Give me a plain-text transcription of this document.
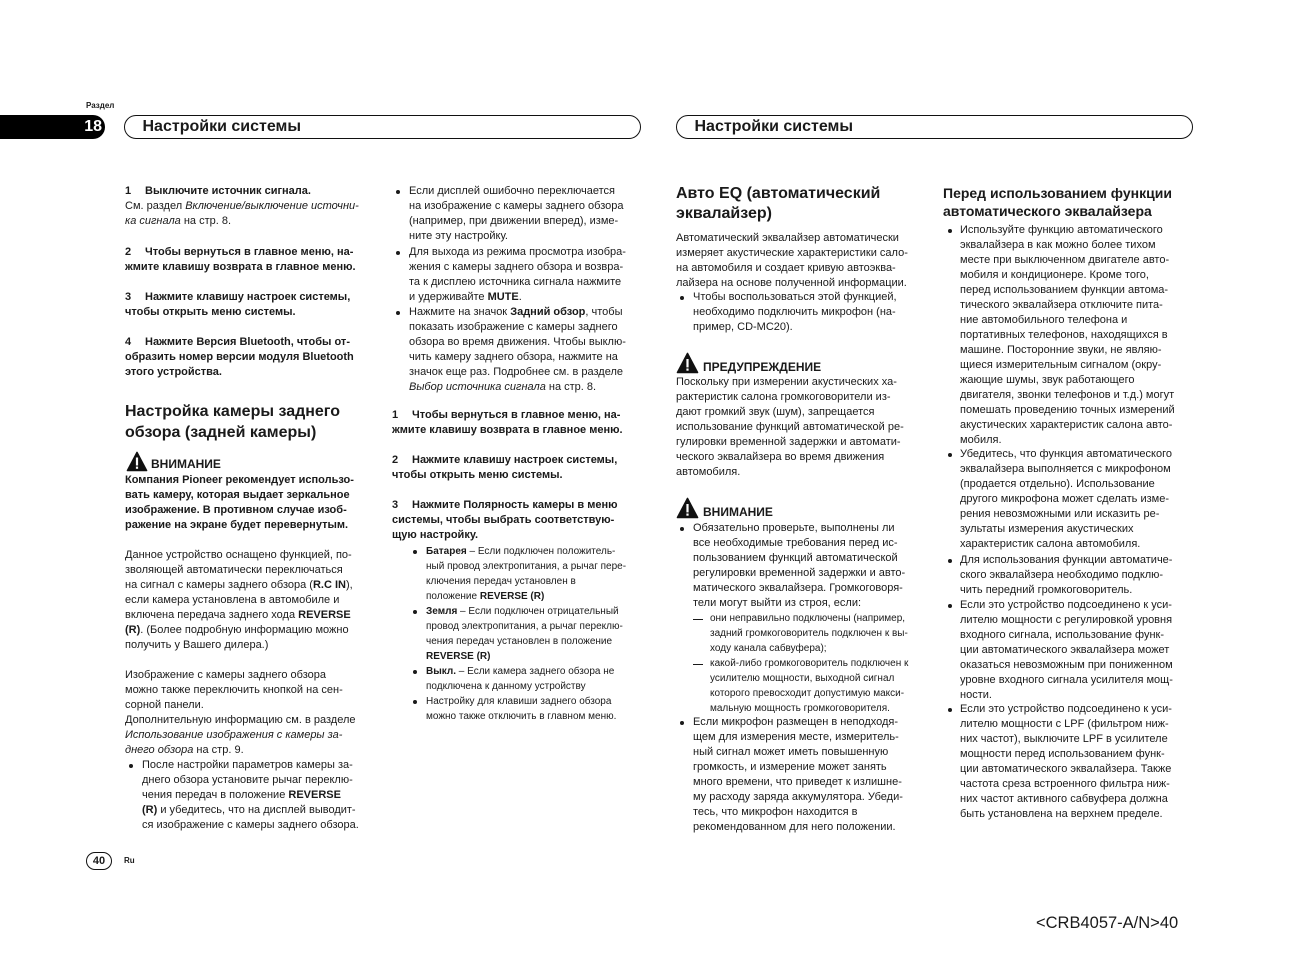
Раздел
18	Настройки системы	Настройки системы
1 Выключите источник сигнала.
См. раздел Включение/выключение источни-
ка сигнала на стр. 8.
2 Чтобы вернуться в главное меню, на-
жмите клавишу возврата в главное меню.
3 Нажмите клавишу настроек системы,
чтобы открыть меню системы.
4 Нажмите Версия Bluetooth, чтобы от-
образить номер версии модуля Bluetooth
этого устройства.
Настройка камеры заднего
обзора (задней камеры)
ВНИМАНИЕ
Компания Pioneer рекомендует использо-
вать камеру, которая выдает зеркальное
изображение. В противном случае изоб-
ражение на экране будет перевернутым.
Данное устройство оснащено функцией, по-
зволяющей автоматически переключаться
на сигнал с камеры заднего обзора (R.C IN),
если камера установлена в автомобиле и
включена передача заднего хода REVERSE
(R). (Более подробную информацию можно
получить у Вашего дилера.)
Изображение с камеры заднего обзора
можно также переключить кнопкой на сен-
сорной панели.
Дополнительную информацию см. в разделе
Использование изображения с камеры за-
днего обзора на стр. 9.
После настройки параметров камеры за-
днего обзора установите рычаг переклю-
чения передач в положение REVERSE
(R) и убедитесь, что на дисплей выводит-
ся изображение с камеры заднего обзора.
Если дисплей ошибочно переключается
на изображение с камеры заднего обзора
(например, при движении вперед), изме-
ните эту настройку.
Для выхода из режима просмотра изобра-
жения с камеры заднего обзора и возвра-
та к дисплею источника сигнала нажмите
и удерживайте MUTE.
Нажмите на значок Задний обзор, чтобы
показать изображение с камеры заднего
обзора во время движения. Чтобы выклю-
чить камеру заднего обзора, нажмите на
значок еще раз. Подробнее см. в разделе
Выбор источника сигнала на стр. 8.
1 Чтобы вернуться в главное меню, на-
жмите клавишу возврата в главное меню.
2 Нажмите клавишу настроек системы,
чтобы открыть меню системы.
3 Нажмите Полярность камеры в меню
системы, чтобы выбрать соответствую-
щую настройку.
Батарея – Если подключен положитель-
ный провод электропитания, а рычаг пере-
ключения передач установлен в
положение REVERSE (R)
Земля – Если подключен отрицательный
провод электропитания, а рычаг переклю-
чения передач установлен в положение
REVERSE (R)
Выкл. – Если камера заднего обзора не
подключена к данному устройству
Настройку для клавиши заднего обзора
можно также отключить в главном меню.
Авто EQ (автоматический
эквалайзер)
Автоматический эквалайзер автоматически
измеряет акустические характеристики сало-
на автомобиля и создает кривую автоэква-
лайзера на основе полученной информации.
Чтобы воспользоваться этой функцией,
необходимо подключить микрофон (на-
пример, CD-MC20).
ПРЕДУПРЕЖДЕНИЕ
Поскольку при измерении акустических ха-
рактеристик салона громкоговорители из-
дают громкий звук (шум), запрещается
использование функций автоматической ре-
гулировки временной задержки и автомати-
ческого эквалайзера во время движения
автомобиля.
ВНИМАНИЕ
Обязательно проверьте, выполнены ли
все необходимые требования перед ис-
пользованием функций автоматической
регулировки временной задержки и авто-
матического эквалайзера. Громкоговоря-
тели могут выйти из строя, если:
они неправильно подключены (например,
задний громкоговоритель подключен к вы-
ходу канала сабвуфера);
какой-либо громкоговоритель подключен к
усилителю мощности, выходной сигнал
которого превосходит допустимую макси-
мальную мощность громкоговорителя.
Если микрофон размещен в неподходя-
щем для измерения месте, измеритель-
ный сигнал может иметь повышенную
громкость, и измерение может занять
много времени, что приведет к излишне-
му расходу заряда аккумулятора. Убеди-
тесь, что микрофон находится в
рекомендованном для него положении.
Перед использованием функции
автоматического эквалайзера
Используйте функцию автоматического
эквалайзера в как можно более тихом
месте при выключенном двигателе авто-
мобиля и кондиционере. Кроме того,
перед использованием функции автома-
тического эквалайзера отключите пита-
ние автомобильного телефона и
портативных телефонов, находящихся в
машине. Посторонние звуки, не являю-
щиеся измерительным сигналом (окру-
жающие шумы, звук работающего
двигателя, звонки телефонов и т.д.) могут
помешать проведению точных измерений
акустических характеристик салона авто-
мобиля.
Убедитесь, что функция автоматического
эквалайзера выполняется с микрофоном
(продается отдельно). Использование
другого микрофона может сделать изме-
рения невозможными или исказить ре-
зультаты измерения акустических
характеристик салона автомобиля.
Для использования функции автоматиче-
ского эквалайзера необходимо подклю-
чить передний громкоговоритель.
Если это устройство подсоединено к уси-
лителю мощности с регулировкой уровня
входного сигнала, использование функ-
ции автоматического эквалайзера может
оказаться невозможным при пониженном
уровне входного сигнала усилителя мощ-
ности.
Если это устройство подсоединено к уси-
лителю мощности с LPF (фильтром ниж-
них частот), выключите LPF в усилителе
мощности перед использованием функ-
ции автоматического эквалайзера. Также
частота среза встроенного фильтра ниж-
них частот активного сабвуфера должна
быть установлена на верхнем пределе.
40	Ru
<CRB4057-A/N>40
